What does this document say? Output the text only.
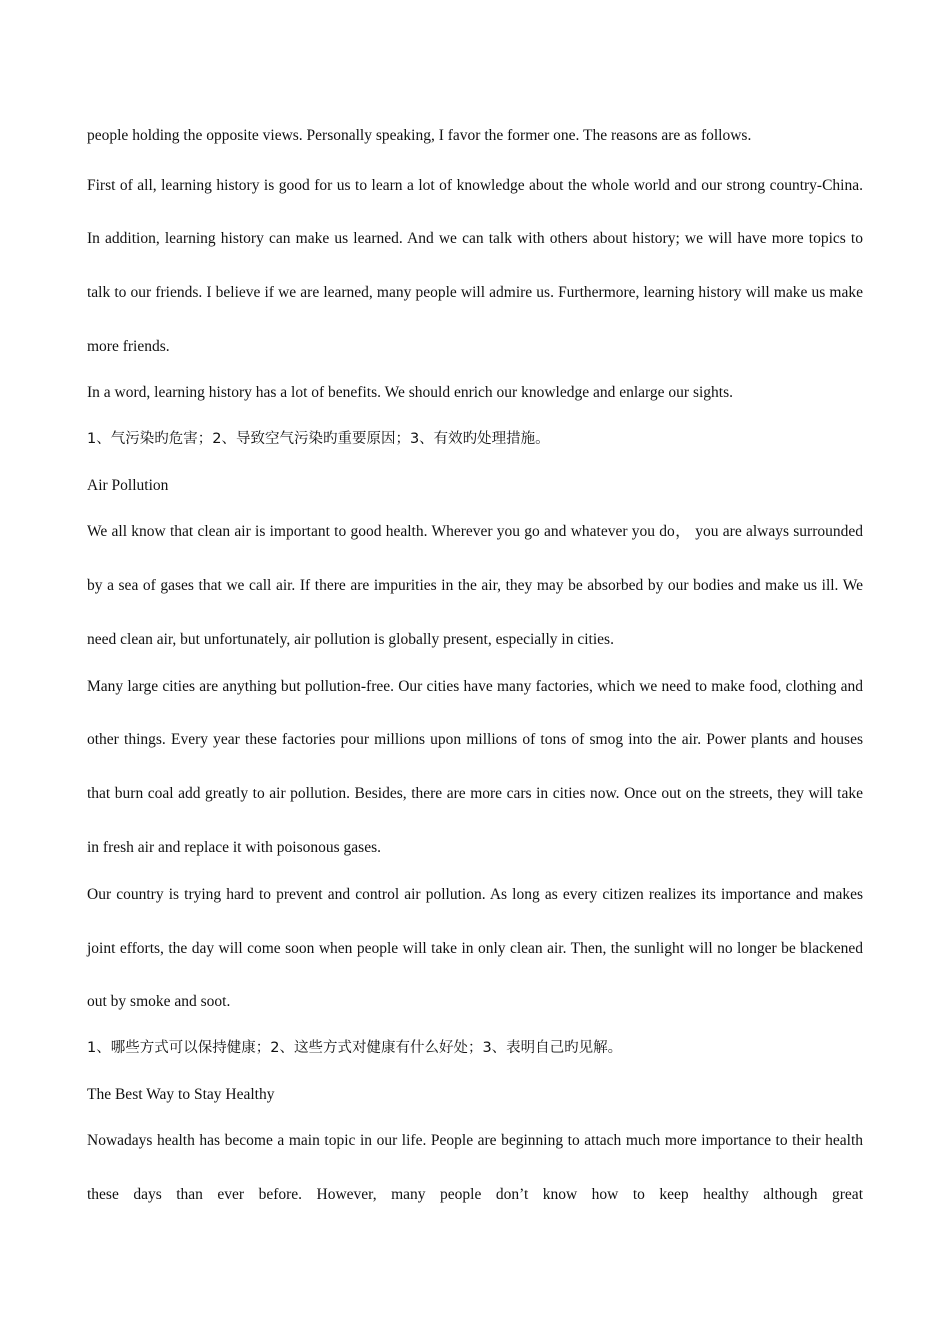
people holding the opposite views. Personally speaking, I favor the former one. The reasons are as follows.

First of all, learning history is good for us to learn a lot of knowledge about the whole world and our strong country-China. In addition, learning history can make us learned. And we can talk with others about history; we will have more topics to talk to our friends. I believe if we are learned, many people will admire us. Furthermore, learning history will make us make more friends.

In a word, learning history has a lot of benefits. We should enrich our knowledge and enlarge our sights.

1、气污染旳危害；2、导致空气污染旳重要原因；3、有效旳处理措施。

Air Pollution

We all know that clean air is important to good health. Wherever you go and whatever you do， you are always surrounded by a sea of gases that we call air. If there are impurities in the air, they may be absorbed by our bodies and make us ill. We need clean air, but unfortunately, air pollution is globally present, especially in cities.

Many large cities are anything but pollution-free. Our cities have many factories, which we need to make food, clothing and other things. Every year these factories pour millions upon millions of tons of smog into the air. Power plants and houses that burn coal add greatly to air pollution. Besides, there are more cars in cities now. Once out on the streets, they will take in fresh air and replace it with poisonous gases.

Our country is trying hard to prevent and control air pollution. As long as every citizen realizes its importance and makes joint efforts, the day will come soon when people will take in only clean air. Then, the sunlight will no longer be blackened out by smoke and soot.

1、哪些方式可以保持健康；2、这些方式对健康有什么好处；3、表明自己旳见解。

The Best Way to Stay Healthy

Nowadays health has become a main topic in our life. People are beginning to attach much more importance to their health these days than ever before. However, many people don’t know how to keep healthy although great
